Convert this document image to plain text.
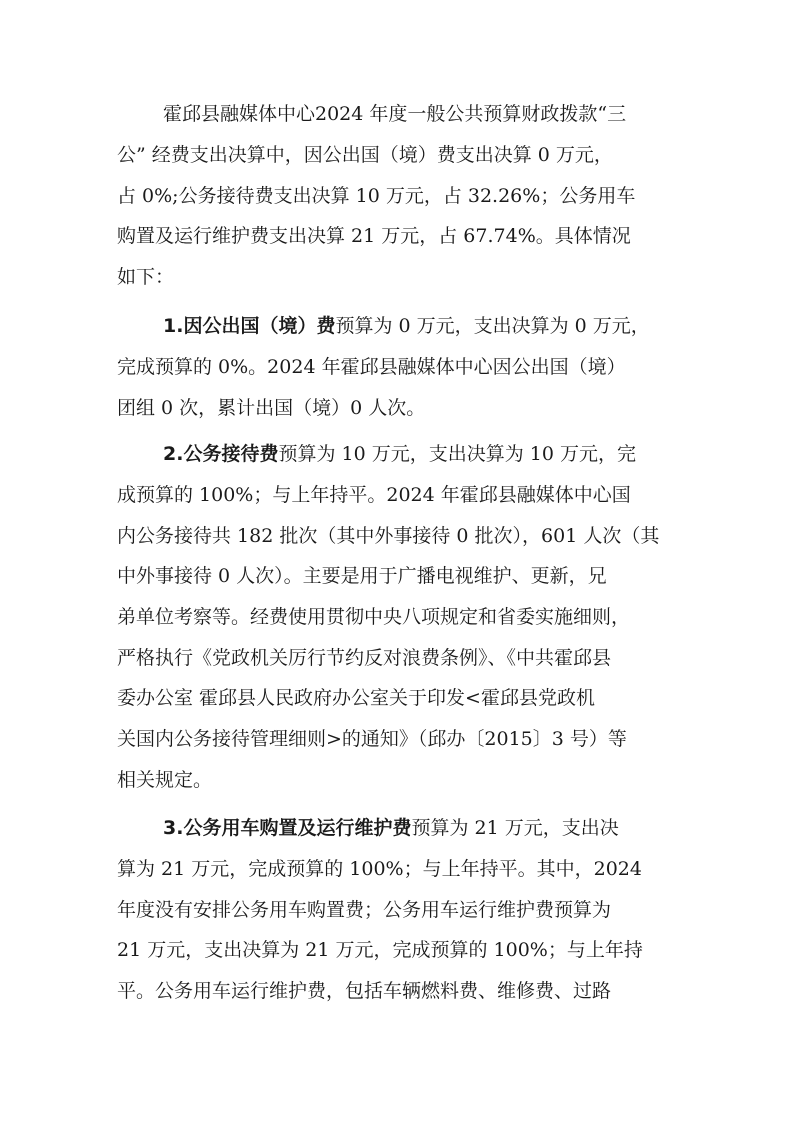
霍邱县融媒体中心2024 年度一般公共预算财政拨款“三
公” 经费支出决算中，因公出国（境）费支出决算 0 万元，
占 0%;公务接待费支出决算 10 万元，占 32.26%；公务用车
购置及运行维护费支出决算 21 万元，占 67.74%。具体情况
如下：
1.因公出国（境）费预算为 0 万元，支出决算为 0 万元，
完成预算的 0%。2024 年霍邱县融媒体中心因公出国（境）
团组 0 次，累计出国（境）0 人次。
2.公务接待费预算为 10 万元，支出决算为 10 万元，完
成预算的 100%；与上年持平。2024 年霍邱县融媒体中心国
内公务接待共 182 批次（其中外事接待 0 批次），601 人次（其
中外事接待 0 人次）。主要是用于广播电视维护、更新，兄
弟单位考察等。经费使用贯彻中央八项规定和省委实施细则，
严格执行《党政机关厉行节约反对浪费条例》、《中共霍邱县
委办公室 霍邱县人民政府办公室关于印发<霍邱县党政机
关国内公务接待管理细则>的通知》（邱办〔2015〕3 号）等
相关规定。
3.公务用车购置及运行维护费预算为 21 万元，支出决
算为 21 万元，完成预算的 100%；与上年持平。其中，2024
年度没有安排公务用车购置费；公务用车运行维护费预算为
21 万元，支出决算为 21 万元，完成预算的 100%；与上年持
平。公务用车运行维护费，包括车辆燃料费、维修费、过路
